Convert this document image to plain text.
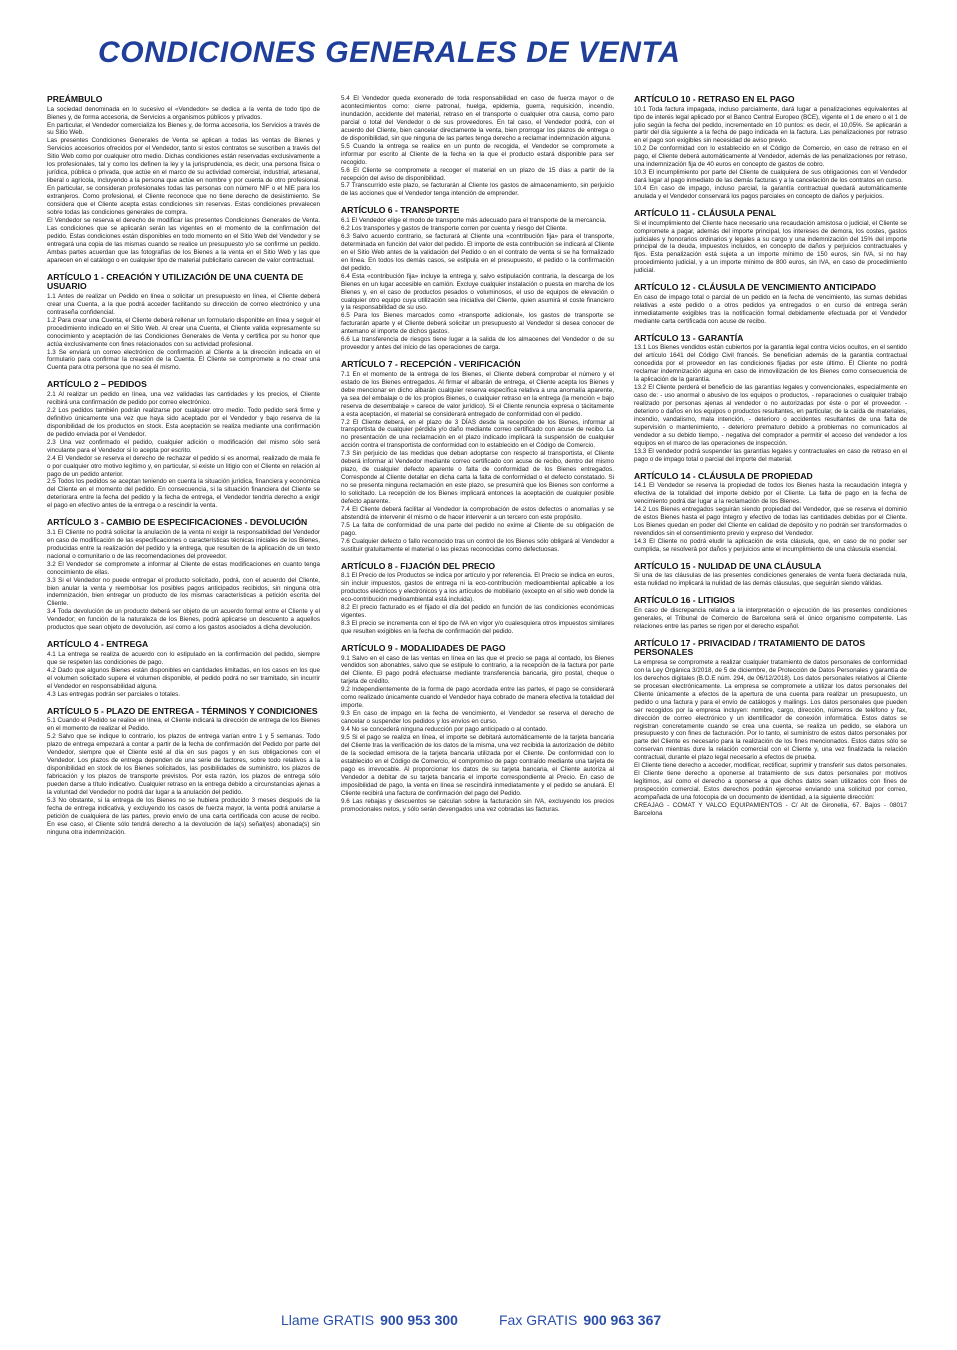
CONDICIONES GENERALES DE VENTA
PREÁMBULO

La sociedad denominada en lo sucesivo el «Vendedor» se dedica a la venta de todo tipo de Bienes y, de forma accesoria, de Servicios a organismos públicos y privados.

En particular, el Vendedor comercializa los Bienes y, de forma accesoria, los Servicios a través de su Sitio Web.

Las presentes Condiciones Generales de Venta se aplican a todas las ventas de Bienes y Servicios accesorios ofrecidos por el Vendedor, tanto si estos contratos se suscriben a través del Sitio Web como por cualquier otro medio. Dichas condiciones están reservadas exclusivamente a los profesionales, tal y como los definen la ley y la jurisprudencia, es decir, una persona física o jurídica, pública o privada, que actúe en el marco de su actividad comercial, industrial, artesanal, liberal o agrícola, incluyendo a la persona que actúe en nombre y por cuenta de otro profesional. En particular, se consideran profesionales todas las personas con número NIF o el NIE para los extranjeros. Como profesional, el Cliente reconoce que no tiene derecho de desistimiento. Se considera que el Cliente acepta estas condiciones sin reservas. Estas condiciones prevalecen sobre todas las condiciones generales de compra.

El Vendedor se reserva el derecho de modificar las presentes Condiciones Generales de Venta. Las condiciones que se aplicarán serán las vigentes en el momento de la confirmación del pedido. Estas condiciones están disponibles en todo momento en el Sitio Web del Vendedor y se entregará una copia de las mismas cuando se realice un presupuesto y/o se confirme un pedido. Ambas partes acuerdan que las fotografías de los Bienes a la venta en el Sitio Web y las que aparecen en el catálogo o en cualquier tipo de material publicitario carecen de valor contractual.

ARTÍCULO 1 - CREACIÓN Y UTILIZACIÓN DE UNA CUENTA DE USUARIO

1.1 Antes de realizar un Pedido en línea o solicitar un presupuesto en línea, el Cliente deberá crear una Cuenta, a la que podrá acceder facilitando su dirección de correo electrónico y una contraseña confidencial.

1.2 Para crear una Cuenta, el Cliente deberá rellenar un formulario disponible en línea y seguir el procedimiento indicado en el Sitio Web. Al crear una Cuenta, el Cliente valida expresamente su conocimiento y aceptación de las Condiciones Generales de Venta y certifica por su honor que actúa exclusivamente con fines relacionados con su actividad profesional.

1.3 Se enviará un correo electrónico de confirmación al Cliente a la dirección indicada en el formulario para confirmar la creación de la Cuenta. El Cliente se compromete a no crear una Cuenta para otra persona que no sea él mismo.

ARTÍCULO 2 – PEDIDOS

2.1 Al realizar un pedido en línea, una vez validadas las cantidades y los precios, el Cliente recibirá una confirmación de pedido por correo electrónico.

2.2 Los pedidos también podrán realizarse por cualquier otro medio. Todo pedido será firme y definitivo únicamente una vez que haya sido aceptado por el Vendedor y bajo reserva de la disponibilidad de los productos en stock. Esta aceptación se realiza mediante una confirmación de pedido enviada por el Vendedor.

2.3 Una vez confirmado el pedido, cualquier adición o modificación del mismo sólo será vinculante para el Vendedor si lo acepta por escrito.

2.4 El Vendedor se reserva el derecho de rechazar el pedido si es anormal, realizado de mala fe o por cualquier otro motivo legítimo y, en particular, si existe un litigio con el Cliente en relación al pago de un pedido anterior.

2.5 Todos los pedidos se aceptan teniendo en cuenta la situación jurídica, financiera y económica del Cliente en el momento del pedido. En consecuencia, si la situación financiera del Cliente se deteriorara entre la fecha del pedido y la fecha de entrega, el Vendedor tendría derecho a exigir el pago en efectivo antes de la entrega o a rescindir la venta.

ARTÍCULO 3 - CAMBIO DE ESPECIFICACIONES - DEVOLUCIÓN

3.1 El Cliente no podrá solicitar la anulación de la venta ni exigir la responsabilidad del Vendedor en caso de modificación de las especificaciones o características técnicas iniciales de los Bienes, producidas entre la realización del pedido y la entrega, que resulten de la aplicación de un texto nacional o comunitario o de las recomendaciones del proveedor.

3.2 El Vendedor se compromete a informar al Cliente de estas modificaciones en cuanto tenga conocimiento de ellas.

3.3 Si el Vendedor no puede entregar el producto solicitado, podrá, con el acuerdo del Cliente, bien anular la venta y reembolsar los posibles pagos anticipados recibidos, sin ninguna otra indemnización, bien entregar un producto de los mismas características a petición escrita del Cliente.

3.4 Toda devolución de un producto deberá ser objeto de un acuerdo formal entre el Cliente y el Vendedor; en función de la naturaleza de los Bienes, podrá aplicarse un descuento a aquellos productos que sean objeto de devolución, así como a los gastos asociados a dicha devolución.

ARTÍCULO 4 - ENTREGA

4.1 La entrega se realiza de acuerdo con lo estipulado en la confirmación del pedido, siempre que se respeten las condiciones de pago.

4.2 Dado que algunos Bienes están disponibles en cantidades limitadas, en los casos en los que el volumen solicitado supere el volumen disponible, el pedido podrá no ser tramitado, sin incurrir el Vendedor en responsabilidad alguna.

4.3 Las entregas podrán ser parciales o totales.

ARTÍCULO 5 - PLAZO DE ENTREGA - TÉRMINOS Y CONDICIONES

5.1 Cuando el Pedido se realice en línea, el Cliente indicará la dirección de entrega de los Bienes en el momento de realizar el Pedido.

5.2 Salvo que se indique lo contrario, los plazos de entrega varían entre 1 y 5 semanas. Todo plazo de entrega empezará a contar a partir de la fecha de confirmación del Pedido por parte del Vendedor, siempre que el Cliente esté al día en sus pagos y en sus obligaciones con el Vendedor. Los plazos de entrega dependen de una serie de factores, sobre todo relativos a la disponibilidad en stock de los Bienes solicitados, las posibilidades de suministro, los plazos de fabricación y los plazos de transporte previstos. Por esta razón, los plazos de entrega sólo pueden darse a título indicativo. Cualquier retraso en la entrega debido a circunstancias ajenas a la voluntad del Vendedor no podrá dar lugar a la anulación del pedido.

5.3 No obstante, si la entrega de los Bienes no se hubiera producido 3 meses después de la fecha de entrega indicativa, y excluyendo los casos de fuerza mayor, la venta podrá anularse a petición de cualquiera de las partes, previo envío de una carta certificada con acuse de recibo. En ese caso, el Cliente sólo tendrá derecho a la devolución de la(s) señal(es) abonada(s) sin ninguna otra indemnización.

5.4 El Vendedor queda exonerado de toda responsabilidad en caso de fuerza mayor o de acontecimientos como: cierre patronal, huelga, epidemia, guerra, requisición, incendio, inundación, accidente del material, retraso en el transporte o cualquier otra causa, como paro parcial o total del Vendedor o de sus proveedores. En tal caso, el Vendedor podrá, con el acuerdo del Cliente, bien cancelar directamente la venta, bien prorrogar los plazos de entrega o de disponibilidad, sin que ninguna de las partes tenga derecho a reclamar indemnización alguna.

5.5 Cuando la entrega se realice en un punto de recogida, el Vendedor se compromete a informar por escrito al Cliente de la fecha en la que el producto estará disponible para ser recogido.

5.6 El Cliente se compromete a recoger el material en un plazo de 15 días a partir de la recepción del aviso de disponibilidad.

5.7 Transcurrido este plazo, se facturarán al Cliente los gastos de almacenamiento, sin perjuicio de las acciones que el Vendedor tenga intención de emprender.

ARTÍCULO 6 - TRANSPORTE

6.1 El Vendedor elige el modo de transporte más adecuado para el transporte de la mercancía.

6.2 Los transportes y gastos de transporte corren por cuenta y riesgo del Cliente.

6.3 Salvo acuerdo contrario, se facturará al Cliente una «contribución fija» para el transporte, determinada en función del valor del pedido. El importe de esta contribución se indicará al Cliente en el Sitio Web antes de la validación del Pedido o en el contrato de venta si se ha formalizado en línea. En todos los demás casos, se estipula en el presupuesto, el pedido o la confirmación del pedido.

6.4 Esta «contribución fija» incluye la entrega y, salvo estipulación contraria, la descarga de los Bienes en un lugar accesible en camión. Excluye cualquier instalación o puesta en marcha de los Bienes y, en el caso de productos pesados o voluminosos, el uso de equipos de elevación o cualquier otro equipo cuya utilización sea iniciativa del Cliente, quien asumirá el coste financiero y la responsabilidad de su uso.

6.5 Para los Bienes marcados como «transporte adicional», los gastos de transporte se facturarán aparte y el Cliente deberá solicitar un presupuesto al Vendedor si desea conocer de antemano el importe de dichos gastos.

6.6 La transferencia de riesgos tiene lugar a la salida de los almacenes del Vendedor o de su proveedor y antes del inicio de las operaciones de carga.

ARTÍCULO 7 - RECEPCIÓN - VERIFICACIÓN

7.1 En el momento de la entrega de los Bienes, el Cliente deberá comprobar el número y el estado de los Bienes entregados. Al firmar el albarán de entrega, el Cliente acepta los Bienes y debe mencionar en dicho albarán cualquier reserva específica relativa a una anomalía aparente, ya sea del embalaje o de los propios Bienes, o cualquier retraso en la entrega (la mención « bajo reserva de desembalaje » carece de valor jurídico). Si el Cliente renuncia expresa o tácitamente a esta aceptación, el material se considerará entregado de conformidad con el pedido.

7.2 El Cliente deberá, en el plazo de 3 DÍAS desde la recepción de los Bienes, informar al transportista de cualquier pérdida y/o daño mediante correo certificado con acuse de recibo. La no presentación de una reclamación en el plazo indicado implicará la suspensión de cualquier acción contra el transportista de conformidad con lo establecido en el Código de Comercio.

7.3 Sin perjuicio de las medidas que deban adoptarse con respecto al transportista, el Cliente deberá informar al Vendedor mediante correo certificado con acuse de recibo, dentro del mismo plazo, de cualquier defecto aparente o falta de conformidad de los Bienes entregados. Corresponde al Cliente detallar en dicha carta la falta de conformidad o el defecto constatado. Si no se presenta ninguna reclamación en este plazo, se presumirá que los Bienes son conforme a lo solicitado. La recepción de los Bienes implicará entonces la aceptación de cualquier posible defecto aparente.

7.4 El Cliente deberá facilitar al Vendedor la comprobación de estos defectos o anomalías y se abstendrá de intervenir él mismo o de hacer intervenir a un tercero con este propósito.

7.5 La falta de conformidad de una parte del pedido no exime al Cliente de su obligación de pago.

7.6 Cualquier defecto o fallo reconocido tras un control de los Bienes sólo obligará al Vendedor a sustituir gratuitamente el material o las piezas reconocidas como defectuosas.

ARTÍCULO 8 - FIJACIÓN DEL PRECIO

8.1 El Precio de los Productos se indica por artículo y por referencia. El Precio se indica en euros, sin incluir impuestos, gastos de entrega ni la eco-contribución medioambiental aplicable a los productos eléctricos y electrónicos y a los artículos de mobiliario (excepto en el sitio web donde la eco-contribución medioambiental está incluida).

8.2 El precio facturado es el fijado el día del pedido en función de las condiciones económicas vigentes.

8.3 El precio se incrementa con el tipo de IVA en vigor y/o cualesquiera otros impuestos similares que resulten exigibles en la fecha de confirmación del pedido.

ARTÍCULO 9 - MODALIDADES DE PAGO

9.1 Salvo en el caso de las ventas en línea en las que el precio se paga al contado, los Bienes vendidos son abonables, salvo que se estipule lo contrario, a la recepción de la factura por parte del Cliente. El pago podrá efectuarse mediante transferencia bancaria, giro postal, cheque o tarjeta de crédito.

9.2 Independientemente de la forma de pago acordada entre las partes, el pago se considerará como realizado únicamente cuando el Vendedor haya cobrado de manera efectiva la totalidad del importe.

9.3 En caso de impago en la fecha de vencimiento, el Vendedor se reserva el derecho de cancelar o suspender los pedidos y los envíos en curso.

9.4 No se concederá ninguna reducción por pago anticipado o al contado.

9.5 Si el pago se realiza en línea, el importe se debitará automáticamente de la tarjeta bancaria del Cliente tras la verificación de los datos de la misma, una vez recibida la autorización de débito de la sociedad emisora de la tarjeta bancaria utilizada por el Cliente. De conformidad con lo establecido en el Código de Comercio, el compromiso de pago contraído mediante una tarjeta de pago es irrevocable. Al proporcionar los datos de su tarjeta bancaria, el Cliente autoriza al Vendedor a debitar de su tarjeta bancaria el importe correspondiente al Precio. En caso de imposibilidad de pago, la venta en línea se rescindirá inmediatamente y el pedido se anulará. El Cliente recibirá una factura de confirmación del pago del Pedido.

9.6 Las rebajas y descuentos se calculan sobre la facturación sin IVA, excluyendo los precios promocionales netos, y sólo serán devengados una vez cobradas las facturas.

ARTÍCULO 10 - RETRASO EN EL PAGO

10.1 Toda factura impagada, incluso parcialmente, dará lugar a penalizaciones equivalentes al tipo de interés legal aplicado por el Banco Central Europeo (BCE), vigente el 1 de enero o el 1 de julio según la fecha del pedido, incrementado en 10 puntos: es decir, el 10,05%. Se aplicarán a partir del día siguiente a la fecha de pago indicada en la factura. Las penalizaciones por retraso en el pago son exigibles sin necesidad de aviso previo.

10.2 De conformidad con lo establecido en el Código de Comercio, en caso de retraso en el pago, el Cliente deberá automáticamente al Vendedor, además de las penalizaciones por retraso, una indemnización fija de 40 euros en concepto de gastos de cobro.

10.3 El incumplimiento por parte del Cliente de cualquiera de sus obligaciones con el Vendedor dará lugar al pago inmediato de las demás facturas y a la cancelación de los contratos en curso.

10.4 En caso de impago, incluso parcial, la garantía contractual quedará automáticamente anulada y el Vendedor conservará los pagos parciales en concepto de daños y perjuicios.

ARTÍCULO 11 - CLÁUSULA PENAL

Si el incumplimiento del Cliente hace necesario una recaudación amistosa o judicial, el Cliente se compromete a pagar, además del importe principal, los intereses de demora, los costes, gastos judiciales y honorarios ordinarios y legales a su cargo y una indemnización del 15% del importe principal de la deuda, impuestos incluidos, en concepto de daños y perjuicios contractuales y fijos. Esta penalización está sujeta a un importe mínimo de 150 euros, sin IVA, si no hay procedimiento judicial, y a un importe mínimo de 800 euros, sin IVA, en caso de procedimiento judicial.

ARTÍCULO 12 - CLÁUSULA DE VENCIMIENTO ANTICIPADO

En caso de impago total o parcial de un pedido en la fecha de vencimiento, las sumas debidas relativas a este pedido o a otros pedidos ya entregados o en curso de entrega serán inmediatamente exigibles tras la notificación formal debidamente efectuada por el Vendedor mediante carta certificada con acuse de recibo.

ARTÍCULO 13 - GARANTÍA

13.1 Los Bienes vendidos están cubiertos por la garantía legal contra vicios ocultos, en el sentido del artículo 1641 del Código Civil francés. Se benefician además de la garantía contractual concedida por el proveedor en las condiciones fijadas por este último. El Cliente no podrá reclamar indemnización alguna en caso de inmovilización de los Bienes como consecuencia de la aplicación de la garantía.

13.2 El Cliente perderá el beneficio de las garantías legales y convencionales, especialmente en caso de: - uso anormal o abusivo de los equipos o productos, - reparaciones o cualquier trabajo realizado por personas ajenas al vendedor o no autorizadas por éste o por el proveedor. - deterioro o daños en los equipos o productos resultantes, en particular, de la caída de materiales, incendio, vandalismo, mala intención, - deterioro o accidentes resultantes de una falta de supervisión o mantenimiento, - deterioro prematuro debido a problemas no comunicados al vendedor a su debido tiempo, - negativa del comprador a permitir el acceso del vendedor a los equipos en el marco de las operaciones de inspección.

13.3 El vendedor podrá suspender las garantías legales y contractuales en caso de retraso en el pago o de impago total o parcial del importe del material.

ARTÍCULO 14 - CLÁUSULA DE PROPIEDAD

14.1 El Vendedor se reserva la propiedad de todos los Bienes hasta la recaudación íntegra y efectiva de la totalidad del importe debido por el Cliente. La falta de pago en la fecha de vencimiento podrá dar lugar a la reclamación de los Bienes.

14.2 Los Bienes entregados seguirán siendo propiedad del Vendedor, que se reserva el dominio de estos Bienes hasta el pago íntegro y efectivo de todas las cantidades debidas por el Cliente. Los Bienes quedan en poder del Cliente en calidad de depósito y no podrán ser transformados o revendidos sin el consentimiento previo y expreso del Vendedor.

14.3 El Cliente no podrá eludir la aplicación de esta cláusula, que, en caso de no poder ser cumplida, se resolverá por daños y perjuicios ante el incumplimiento de una cláusula esencial.

ARTÍCULO 15 - NULIDAD DE UNA CLÁUSULA

Si una de las cláusulas de las presentes condiciones generales de venta fuera declarada nula, esta nulidad no implicará la nulidad de las demás cláusulas, que seguirán siendo válidas.

ARTÍCULO 16 - LITIGIOS

En caso de discrepancia relativa a la interpretación o ejecución de las presentes condiciones generales, el Tribunal de Comercio de Barcelona será el único organismo competente. Las relaciones entre las partes se rigen por el derecho español.

ARTÍCULO 17 - PRIVACIDAD / TRATAMIENTO DE DATOS PERSONALES

La empresa se compromete a realizar cualquier tratamiento de datos personales de conformidad con la Ley Orgánica 3/2018, de 5 de diciembre, de Protección de Datos Personales y garantía de los derechos digitales (B.O.E núm. 294, de 06/12/2018). Los datos personales relativos al Cliente se procesan electrónicamente. La empresa se compromete a utilizar los datos personales del Cliente únicamente a efectos de la apertura de una cuenta para realizar un presupuesto, un pedido o una factura y para el envío de catálogos y mailings. Los datos personales que pueden ser recogidos por la empresa incluyen: nombre, cargo, dirección, números de teléfono y fax, dirección de correo electrónico y un identificador de conexión informática. Estos datos se registran concretamente cuando se crea una cuenta, se realiza un pedido, se elabora un presupuesto y con fines de facturación. Por lo tanto, el suministro de estos datos personales por parte del Cliente es necesario para la realización de los fines mencionados. Estos datos sólo se conservan mientras dure la relación comercial con el Cliente y, una vez finalizada la relación contractual, durante el plazo legal necesario a efectos de prueba.

El Cliente tiene derecho a acceder, modificar, rectificar, suprimir y transferir sus datos personales. El Cliente tiene derecho a oponerse al tratamiento de sus datos personales por motivos legítimos, así como el derecho a oponerse a que dichos datos sean utilizados con fines de prospección comercial. Estos derechos podrán ejercerse enviando una solicitud por correo, acompañada de una fotocopia de un documento de identidad, a la siguiente dirección:

CREAJAG - COMAT Y VALCO EQUIPAMIENTOS - C/ Alt de Gironella, 67. Bajos - 08017 Barcelona

Llame GRATIS 900 953 300	Fax GRATIS 900 963 367
